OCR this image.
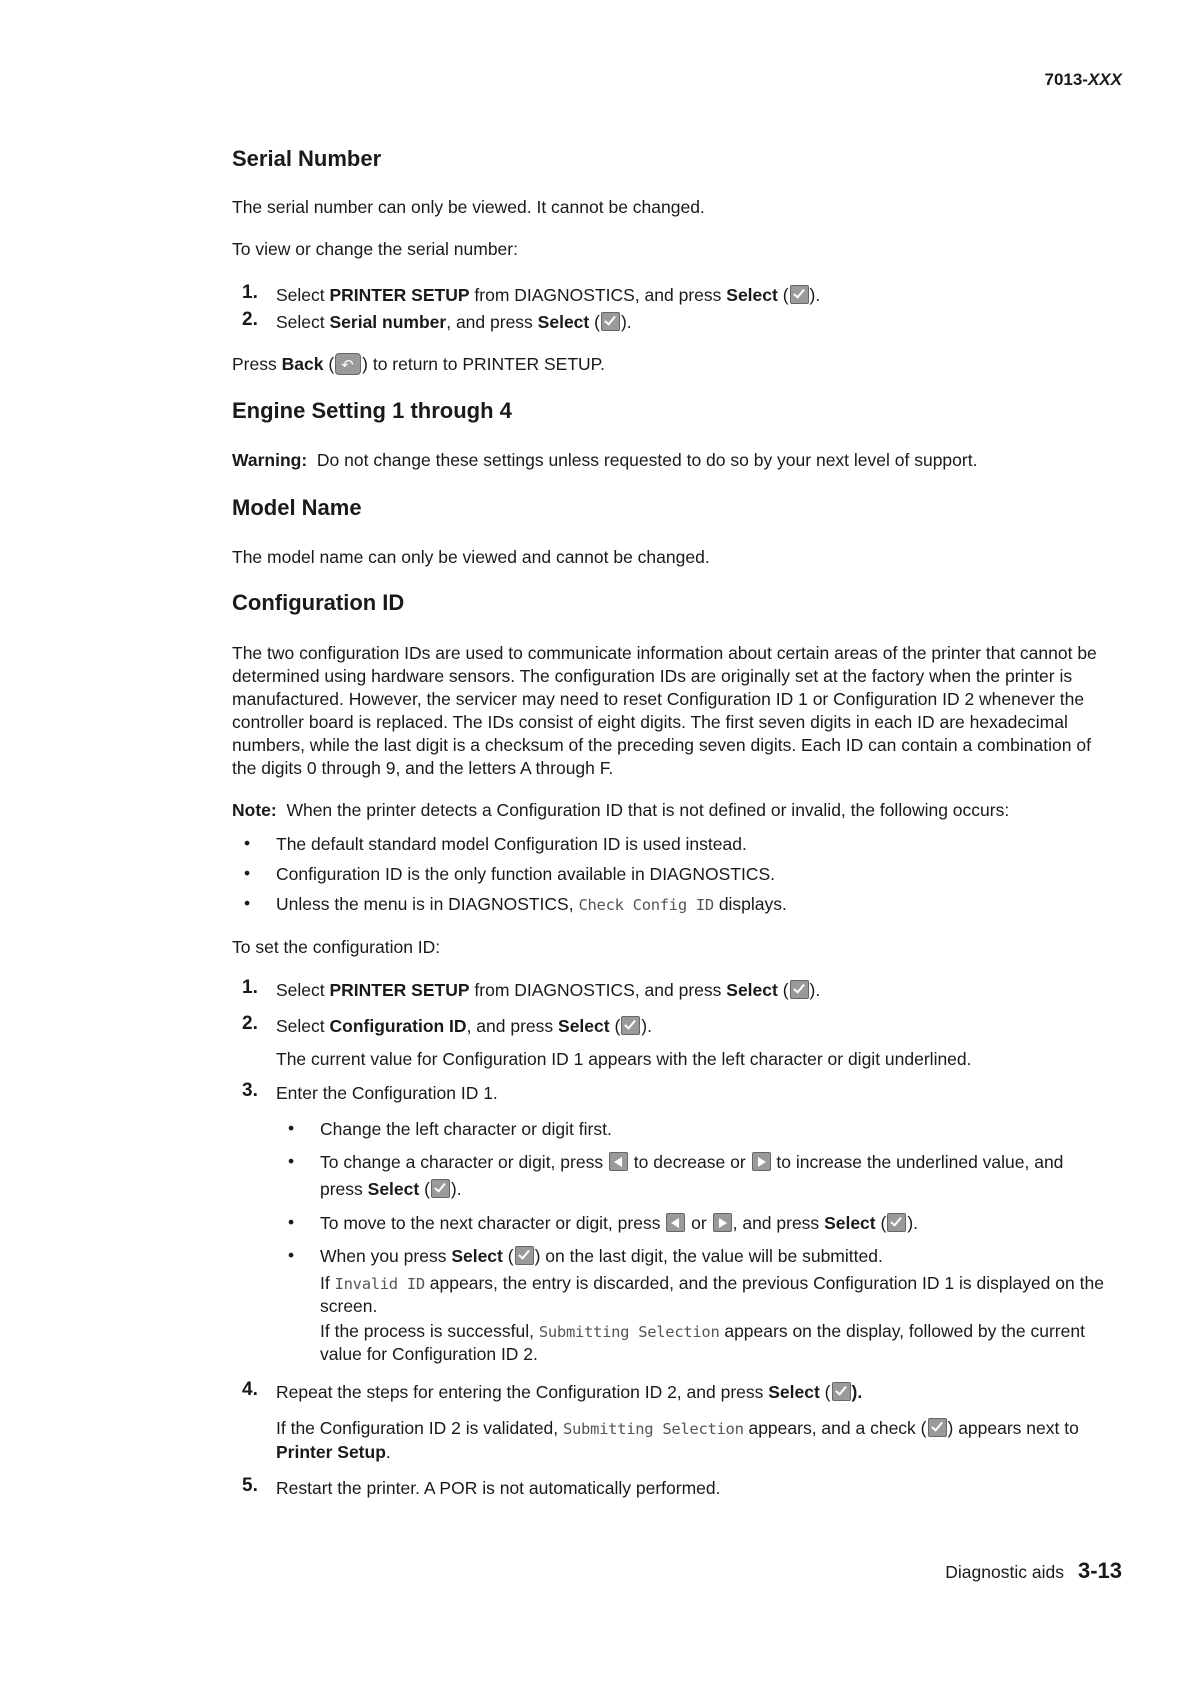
7013-XXX
Serial Number

The serial number can only be viewed. It cannot be changed.

To view or change the serial number:

1. Select PRINTER SETUP from DIAGNOSTICS, and press Select ( ).
2. Select Serial number, and press Select ( ).

Press Back (↶ ) to return to PRINTER SETUP.

Engine Setting 1 through 4

Warning:  Do not change these settings unless requested to do so by your next level of support.

Model Name

The model name can only be viewed and cannot be changed.

Configuration ID

The two configuration IDs are used to communicate information about certain areas of the printer that cannot be

determined using hardware sensors. The configuration IDs are originally set at the factory when the printer is

manufactured. However, the servicer may need to reset Configuration ID 1 or Configuration ID 2 whenever the

controller board is replaced. The IDs consist of eight digits. The first seven digits in each ID are hexadecimal

numbers, while the last digit is a checksum of the preceding seven digits. Each ID can contain a combination of

the digits 0 through 9, and the letters A through F.

Note:  When the printer detects a Configuration ID that is not defined or invalid, the following occurs:

• The default standard model Configuration ID is used instead.

• Configuration ID is the only function available in DIAGNOSTICS.

• Unless the menu is in DIAGNOSTICS, Check Config ID displays.

To set the configuration ID:

1. Select PRINTER SETUP from DIAGNOSTICS, and press Select ( ).
2. Select Configuration ID, and press Select ( ).

The current value for Configuration ID 1 appears with the left character or digit underlined.

3. Enter the Configuration ID 1.
• Change the left character or digit first.

• To change a character or digit, press  to decrease or  to increase the underlined value, and

press Select ( ).

• To move to the next character or digit, press  or , and press Select ( ).

• When you press Select ( ) on the last digit, the value will be submitted.

If Invalid ID appears, the entry is discarded, and the previous Configuration ID 1 is displayed on the

screen.

If the process is successful, Submitting Selection appears on the display, followed by the current

value for Configuration ID 2.

4. Repeat the steps for entering the Configuration ID 2, and press Select ( ).

If the Configuration ID 2 is validated, Submitting Selection appears, and a check ( ) appears next to

Printer Setup.

5. Restart the printer. A POR is not automatically performed.
Diagnostic aids 3-13
